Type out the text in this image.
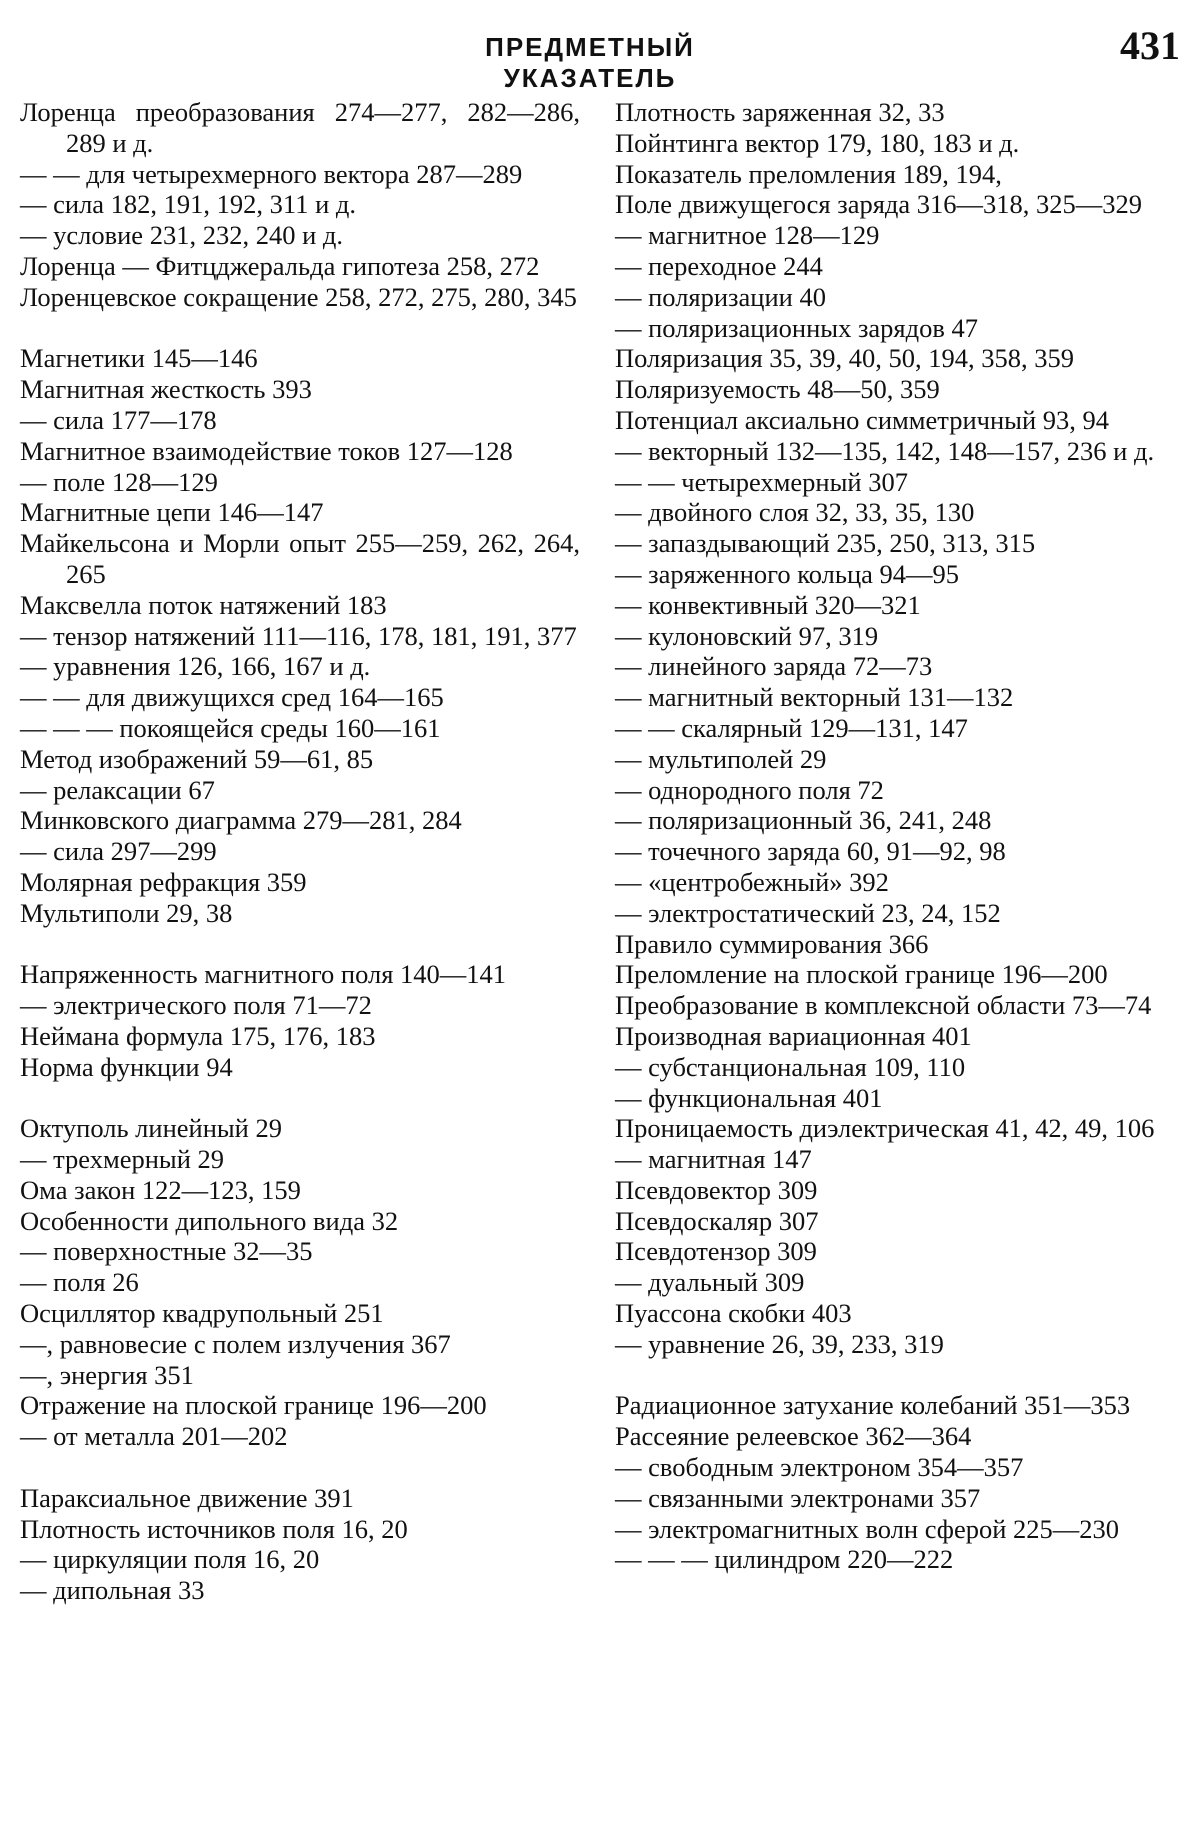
ПРЕДМЕТНЫЙ УКАЗАТЕЛЬ
431
Лоренца преобразования 274—277, 282—286, 289 и д.
— — для четырехмерного вектора 287—289
— сила 182, 191, 192, 311 и д.
— условие 231, 232, 240 и д.
Лоренца — Фитцджеральда гипотеза 258, 272
Лоренцевское сокращение 258, 272, 275, 280, 345
Магнетики 145—146
Магнитная жесткость 393
— сила 177—178
Магнитное взаимодействие токов 127—128
— поле 128—129
Магнитные цепи 146—147
Майкельсона и Морли опыт 255—259, 262, 264, 265
Максвелла поток натяжений 183
— тензор натяжений 111—116, 178, 181, 191, 377
— уравнения 126, 166, 167 и д.
— — для движущихся сред 164—165
— — — покоящейся среды 160—161
Метод изображений 59—61, 85
— релаксации 67
Минковского диаграмма 279—281, 284
— сила 297—299
Молярная рефракция 359
Мультиполи 29, 38
Напряженность магнитного поля 140—141
— электрического поля 71—72
Неймана формула 175, 176, 183
Норма функции 94
Октуполь линейный 29
— трехмерный 29
Ома закон 122—123, 159
Особенности дипольного вида 32
— поверхностные 32—35
— поля 26
Осциллятор квадрупольный 251
—, равновесие с полем излучения 367
—, энергия 351
Отражение на плоской границе 196—200
— от металла 201—202
Параксиальное движение 391
Плотность источников поля 16, 20
— циркуляции поля 16, 20
— дипольная 33
Плотность заряженная 32, 33
Пойнтинга вектор 179, 180, 183 и д.
Показатель преломления 189, 194,
Поле движущегося заряда 316—318, 325—329
— магнитное 128—129
— переходное 244
— поляризации 40
— поляризационных зарядов 47
Поляризация 35, 39, 40, 50, 194, 358, 359
Поляризуемость 48—50, 359
Потенциал аксиально симметричный 93, 94
— векторный 132—135, 142, 148—157, 236 и д.
— — четырехмерный 307
— двойного слоя 32, 33, 35, 130
— запаздывающий 235, 250, 313, 315
— заряженного кольца 94—95
— конвективный 320—321
— кулоновский 97, 319
— линейного заряда 72—73
— магнитный векторный 131—132
— — скалярный 129—131, 147
— мультиполей 29
— однородного поля 72
— поляризационный 36, 241, 248
— точечного заряда 60, 91—92, 98
— «центробежный» 392
— электростатический 23, 24, 152
Правило суммирования 366
Преломление на плоской границе 196—200
Преобразование в комплексной области 73—74
Производная вариационная 401
— субстанциональная 109, 110
— функциональная 401
Проницаемость диэлектрическая 41, 42, 49, 106
— магнитная 147
Псевдовектор 309
Псевдоскаляр 307
Псевдотензор 309
— дуальный 309
Пуассона скобки 403
— уравнение 26, 39, 233, 319
Радиационное затухание колебаний 351—353
Рассеяние релеевское 362—364
— свободным электроном 354—357
— связанными электронами 357
— электромагнитных волн сферой 225—230
— — — цилиндром 220—222
